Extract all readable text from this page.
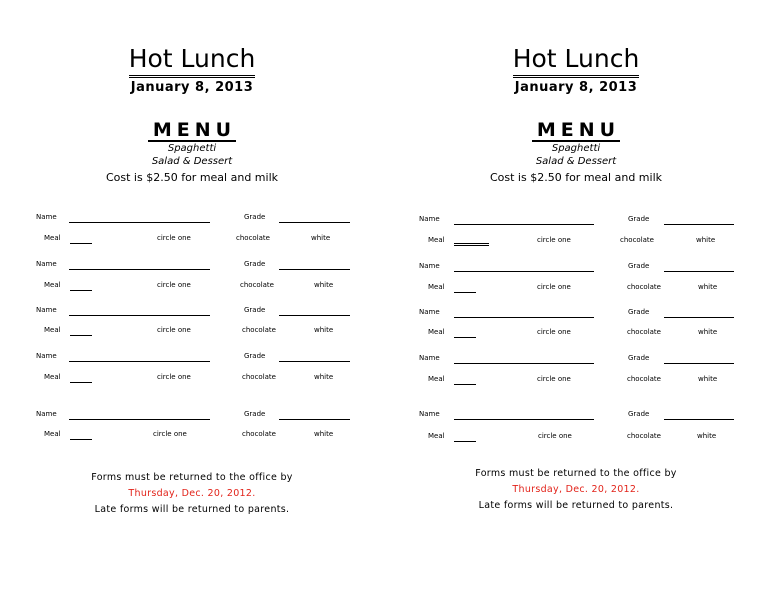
Hot Lunch
January 8, 2013
MENU
Spaghetti
Salad & Dessert
Cost is $2.50 for meal and milk
Name	Grade
Meal	circle one	chocolate	white
Name	Grade
Meal	circle one	chocolate	white
Name	Grade
Meal	circle one	chocolate	white
Name	Grade
Meal	circle one	chocolate	white
Name	Grade
Meal	circle one	chocolate	white
Forms must be returned to the office by
Thursday, Dec. 20, 2012.
Late forms will be returned to parents.
Hot Lunch
January 8, 2013
MENU
Spaghetti
Salad & Dessert
Cost is $2.50 for meal and milk
Name	Grade
Meal	circle one	chocolate	white
Name	Grade
Meal	circle one	chocolate	white
Name	Grade
Meal	circle one	chocolate	white
Name	Grade
Meal	circle one	chocolate	white
Name	Grade
Meal	circle one	chocolate	white
Forms must be returned to the office by
Thursday, Dec. 20, 2012.
Late forms will be returned to parents.
